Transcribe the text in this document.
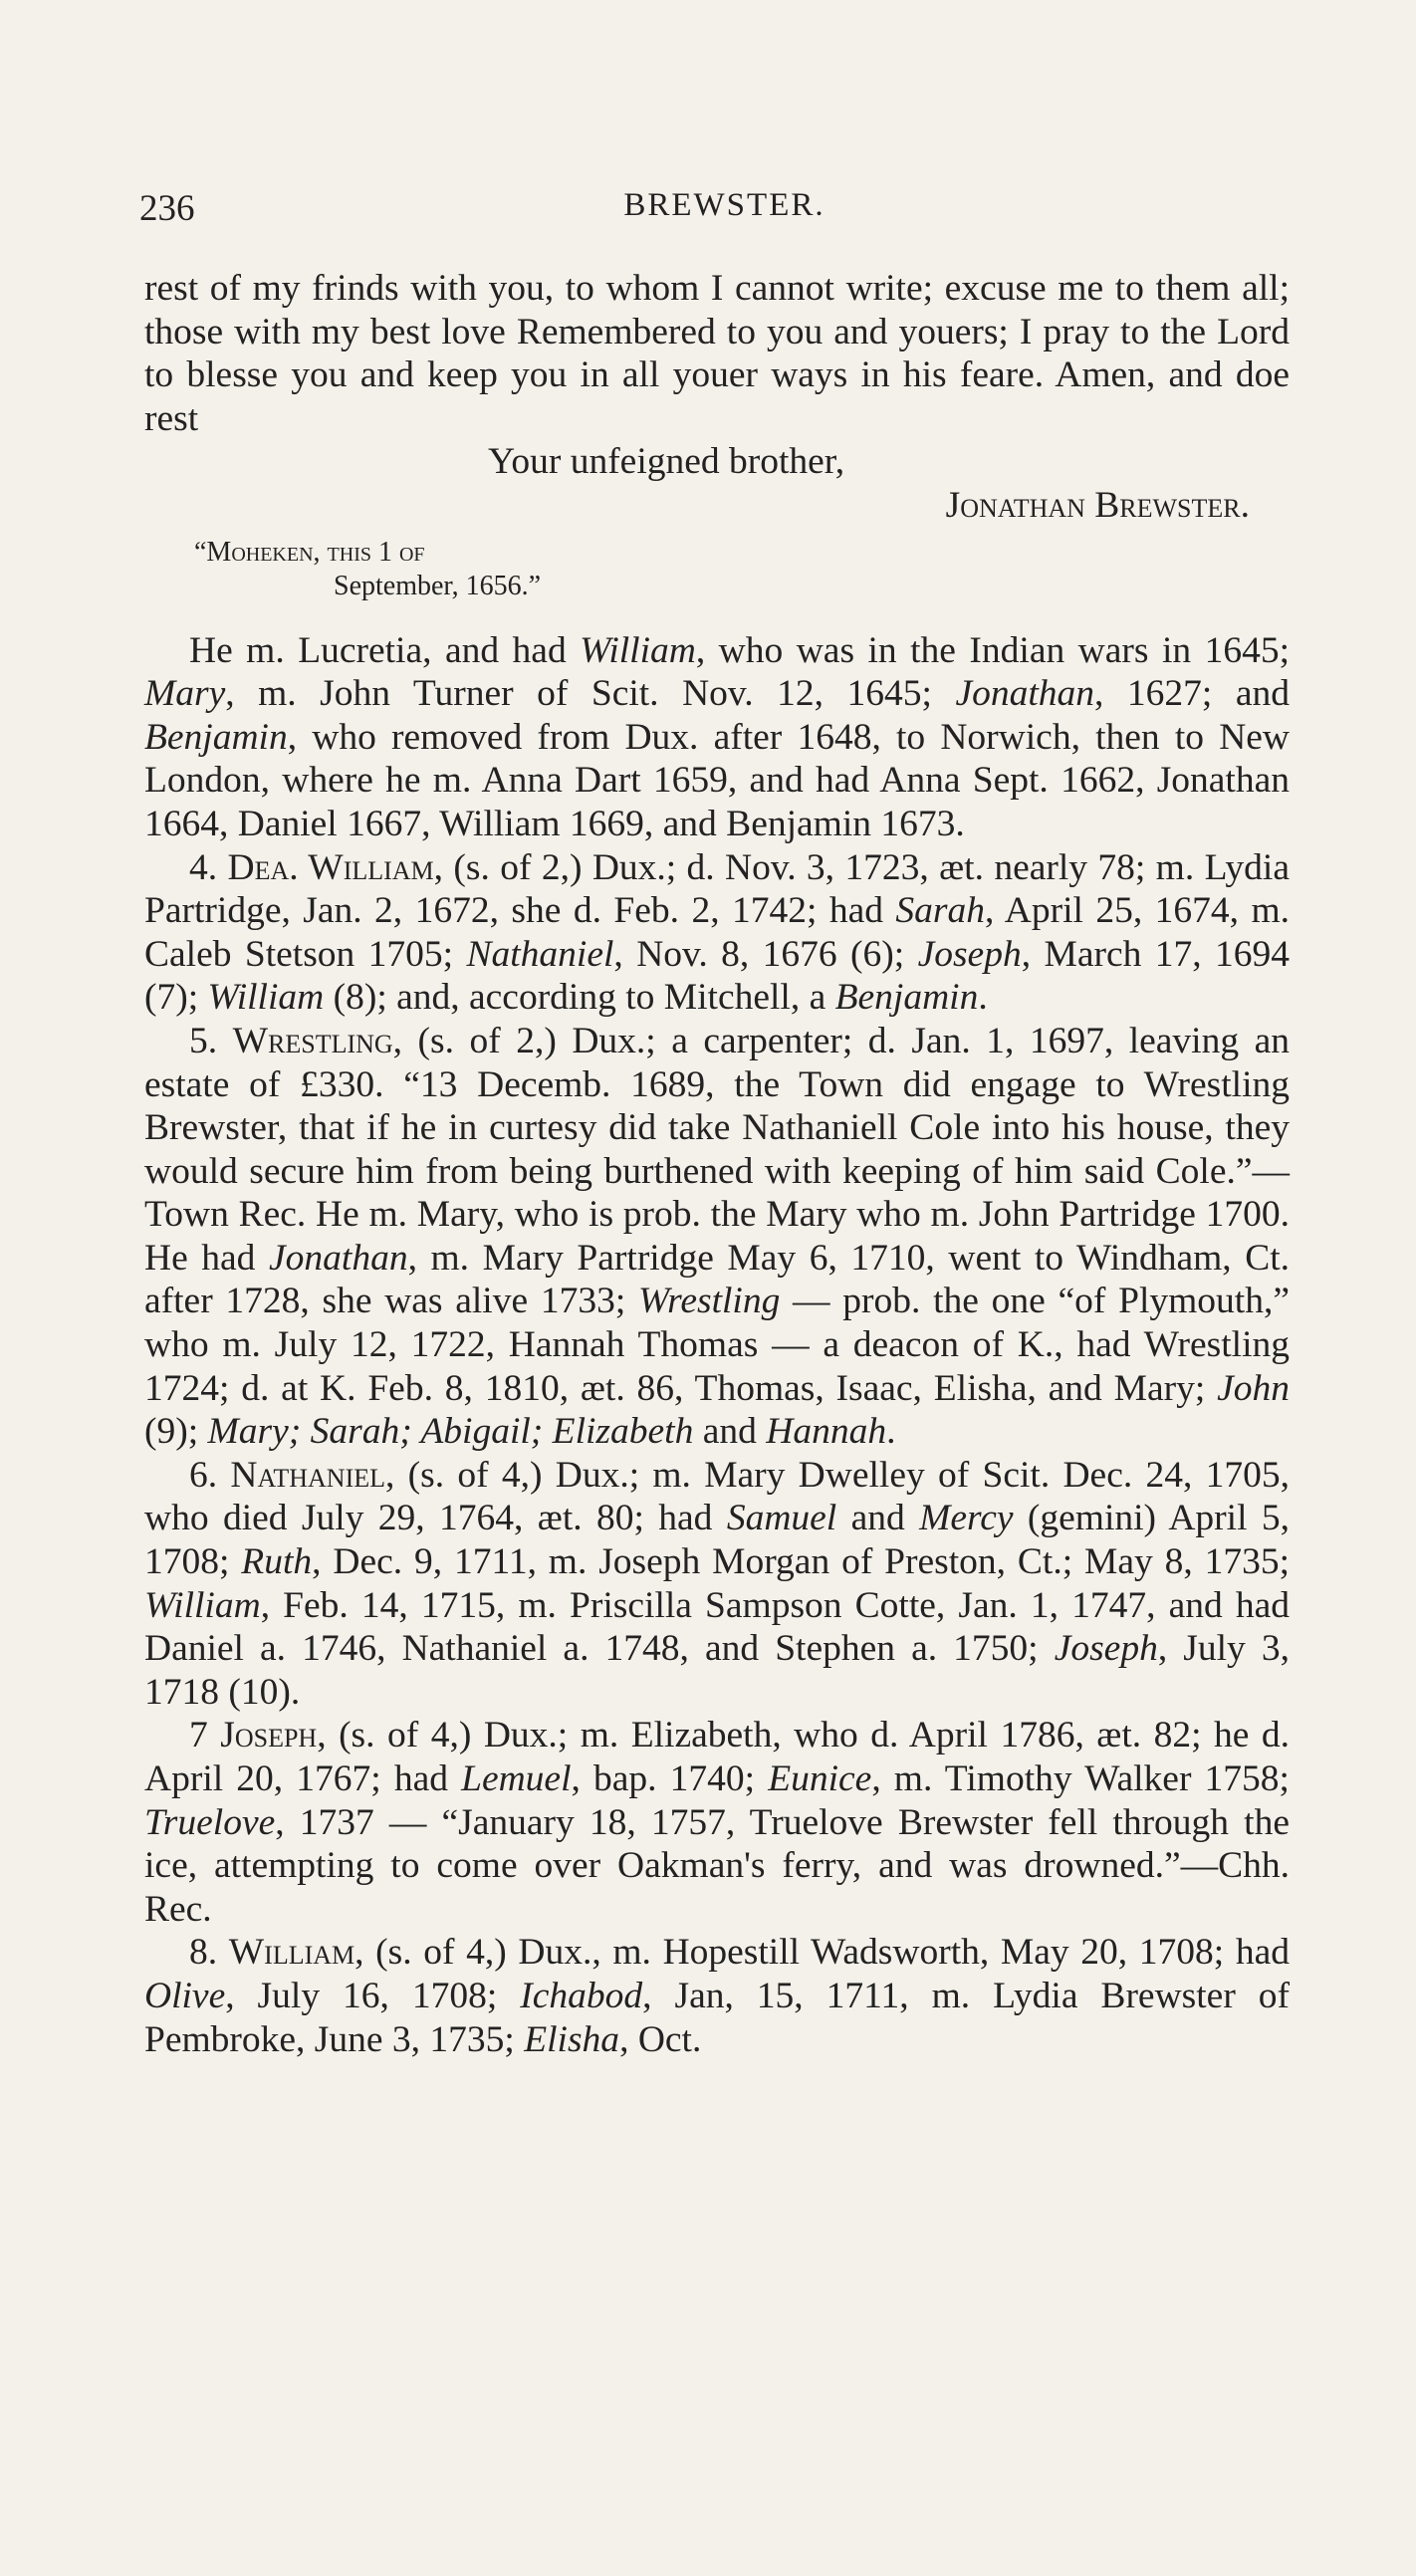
236	BREWSTER.

rest of my frinds with you, to whom I cannot write; excuse me to them all; those with my best love Remembered to you and youers; I pray to the Lord to blesse you and keep you in all youer ways in his feare. Amen, and doe rest

Your unfeigned brother,

Jonathan Brewster.

“Moheken, this 1 of
September, 1656.”

He m. Lucretia, and had William, who was in the Indian wars in 1645; Mary, m. John Turner of Scit. Nov. 12, 1645; Jonathan, 1627; and Benjamin, who removed from Dux. after 1648, to Norwich, then to New London, where he m. Anna Dart 1659, and had Anna Sept. 1662, Jonathan 1664, Daniel 1667, William 1669, and Benjamin 1673.

4. Dea. William, (s. of 2,) Dux.; d. Nov. 3, 1723, æt. nearly 78; m. Lydia Partridge, Jan. 2, 1672, she d. Feb. 2, 1742; had Sarah, April 25, 1674, m. Caleb Stetson 1705; Nathaniel, Nov. 8, 1676 (6); Joseph, March 17, 1694 (7); William (8); and, according to Mitchell, a Benjamin.

5. Wrestling, (s. of 2,) Dux.; a carpenter; d. Jan. 1, 1697, leaving an estate of £330. “13 Decemb. 1689, the Town did engage to Wrestling Brewster, that if he in curtesy did take Nathaniell Cole into his house, they would secure him from being burthened with keeping of him said Cole.”—Town Rec. He m. Mary, who is prob. the Mary who m. John Partridge 1700. He had Jonathan, m. Mary Partridge May 6, 1710, went to Windham, Ct. after 1728, she was alive 1733; Wrestling — prob. the one “of Plymouth,” who m. July 12, 1722, Hannah Thomas — a deacon of K., had Wrestling 1724; d. at K. Feb. 8, 1810, æt. 86, Thomas, Isaac, Elisha, and Mary; John (9); Mary; Sarah; Abigail; Elizabeth and Hannah.

6. Nathaniel, (s. of 4,) Dux.; m. Mary Dwelley of Scit. Dec. 24, 1705, who died July 29, 1764, æt. 80; had Samuel and Mercy (gemini) April 5, 1708; Ruth, Dec. 9, 1711, m. Joseph Morgan of Preston, Ct.; May 8, 1735; William, Feb. 14, 1715, m. Priscilla Sampson Cotte, Jan. 1, 1747, and had Daniel a. 1746, Nathaniel a. 1748, and Stephen a. 1750; Joseph, July 3, 1718 (10).

7 Joseph, (s. of 4,) Dux.; m. Elizabeth, who d. April 1786, æt. 82; he d. April 20, 1767; had Lemuel, bap. 1740; Eunice, m. Timothy Walker 1758; Truelove, 1737 — “January 18, 1757, Truelove Brewster fell through the ice, attempting to come over Oakman's ferry, and was drowned.”—Chh. Rec.

8. William, (s. of 4,) Dux., m. Hopestill Wadsworth, May 20, 1708; had Olive, July 16, 1708; Ichabod, Jan, 15, 1711, m. Lydia Brewster of Pembroke, June 3, 1735; Elisha, Oct.
